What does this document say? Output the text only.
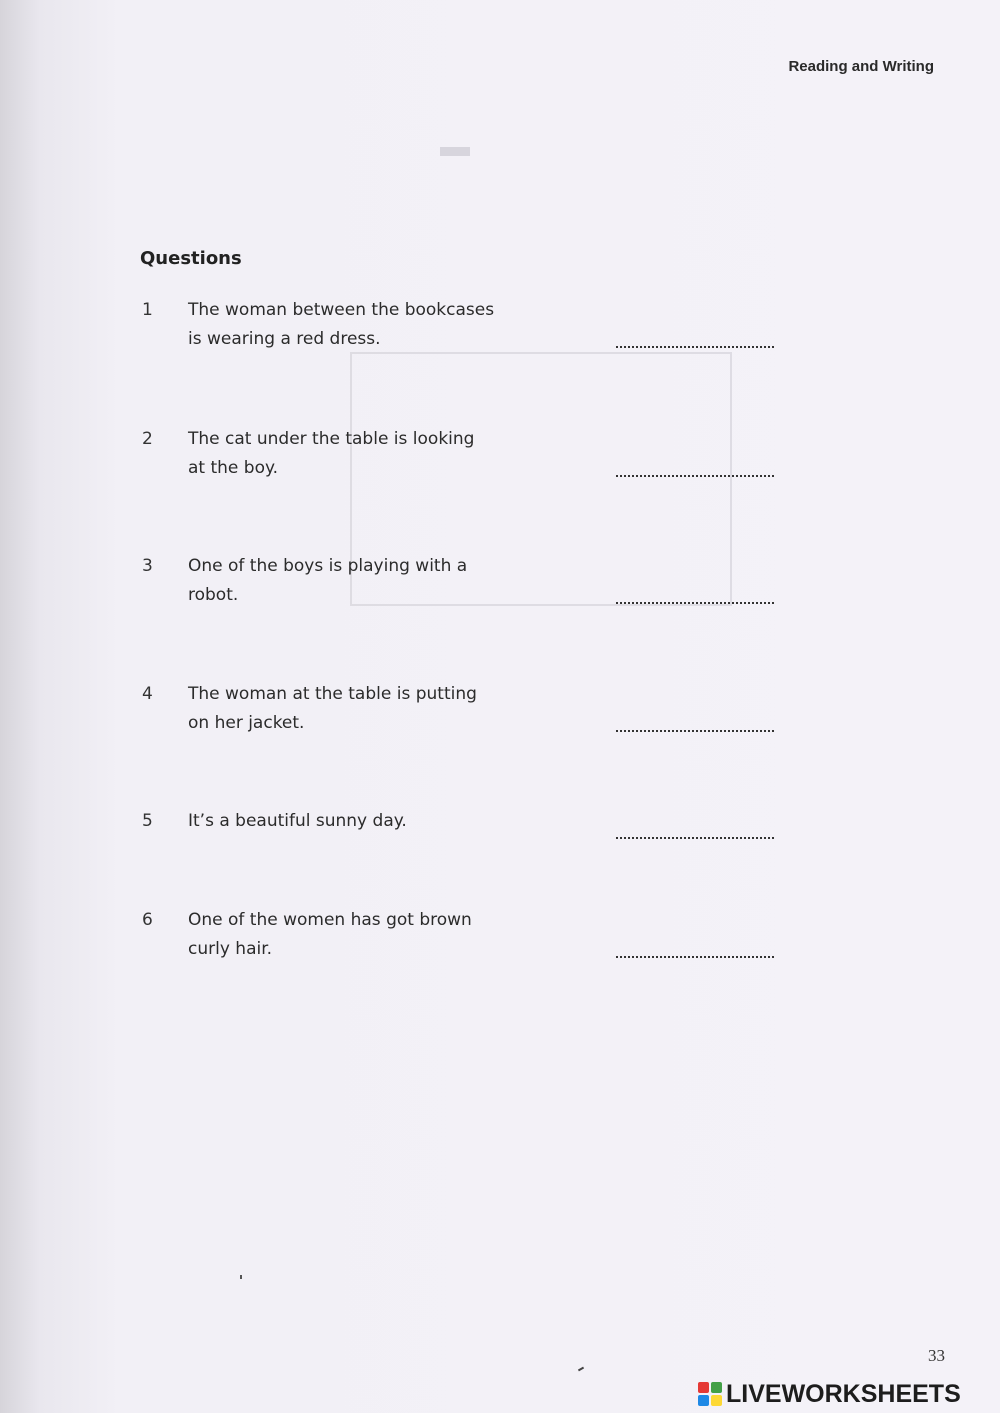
▬
Reading and Writing
Questions
1 The woman between the bookcases
is wearing a red dress.
2 The cat under the table is looking
at the boy.
3 One of the boys is playing with a
robot.
4 The woman at the table is putting
on her jacket.
5 It’s a beautiful sunny day.
6 One of the women has got brown
curly hair.
33
LIVEWORKSHEETS
